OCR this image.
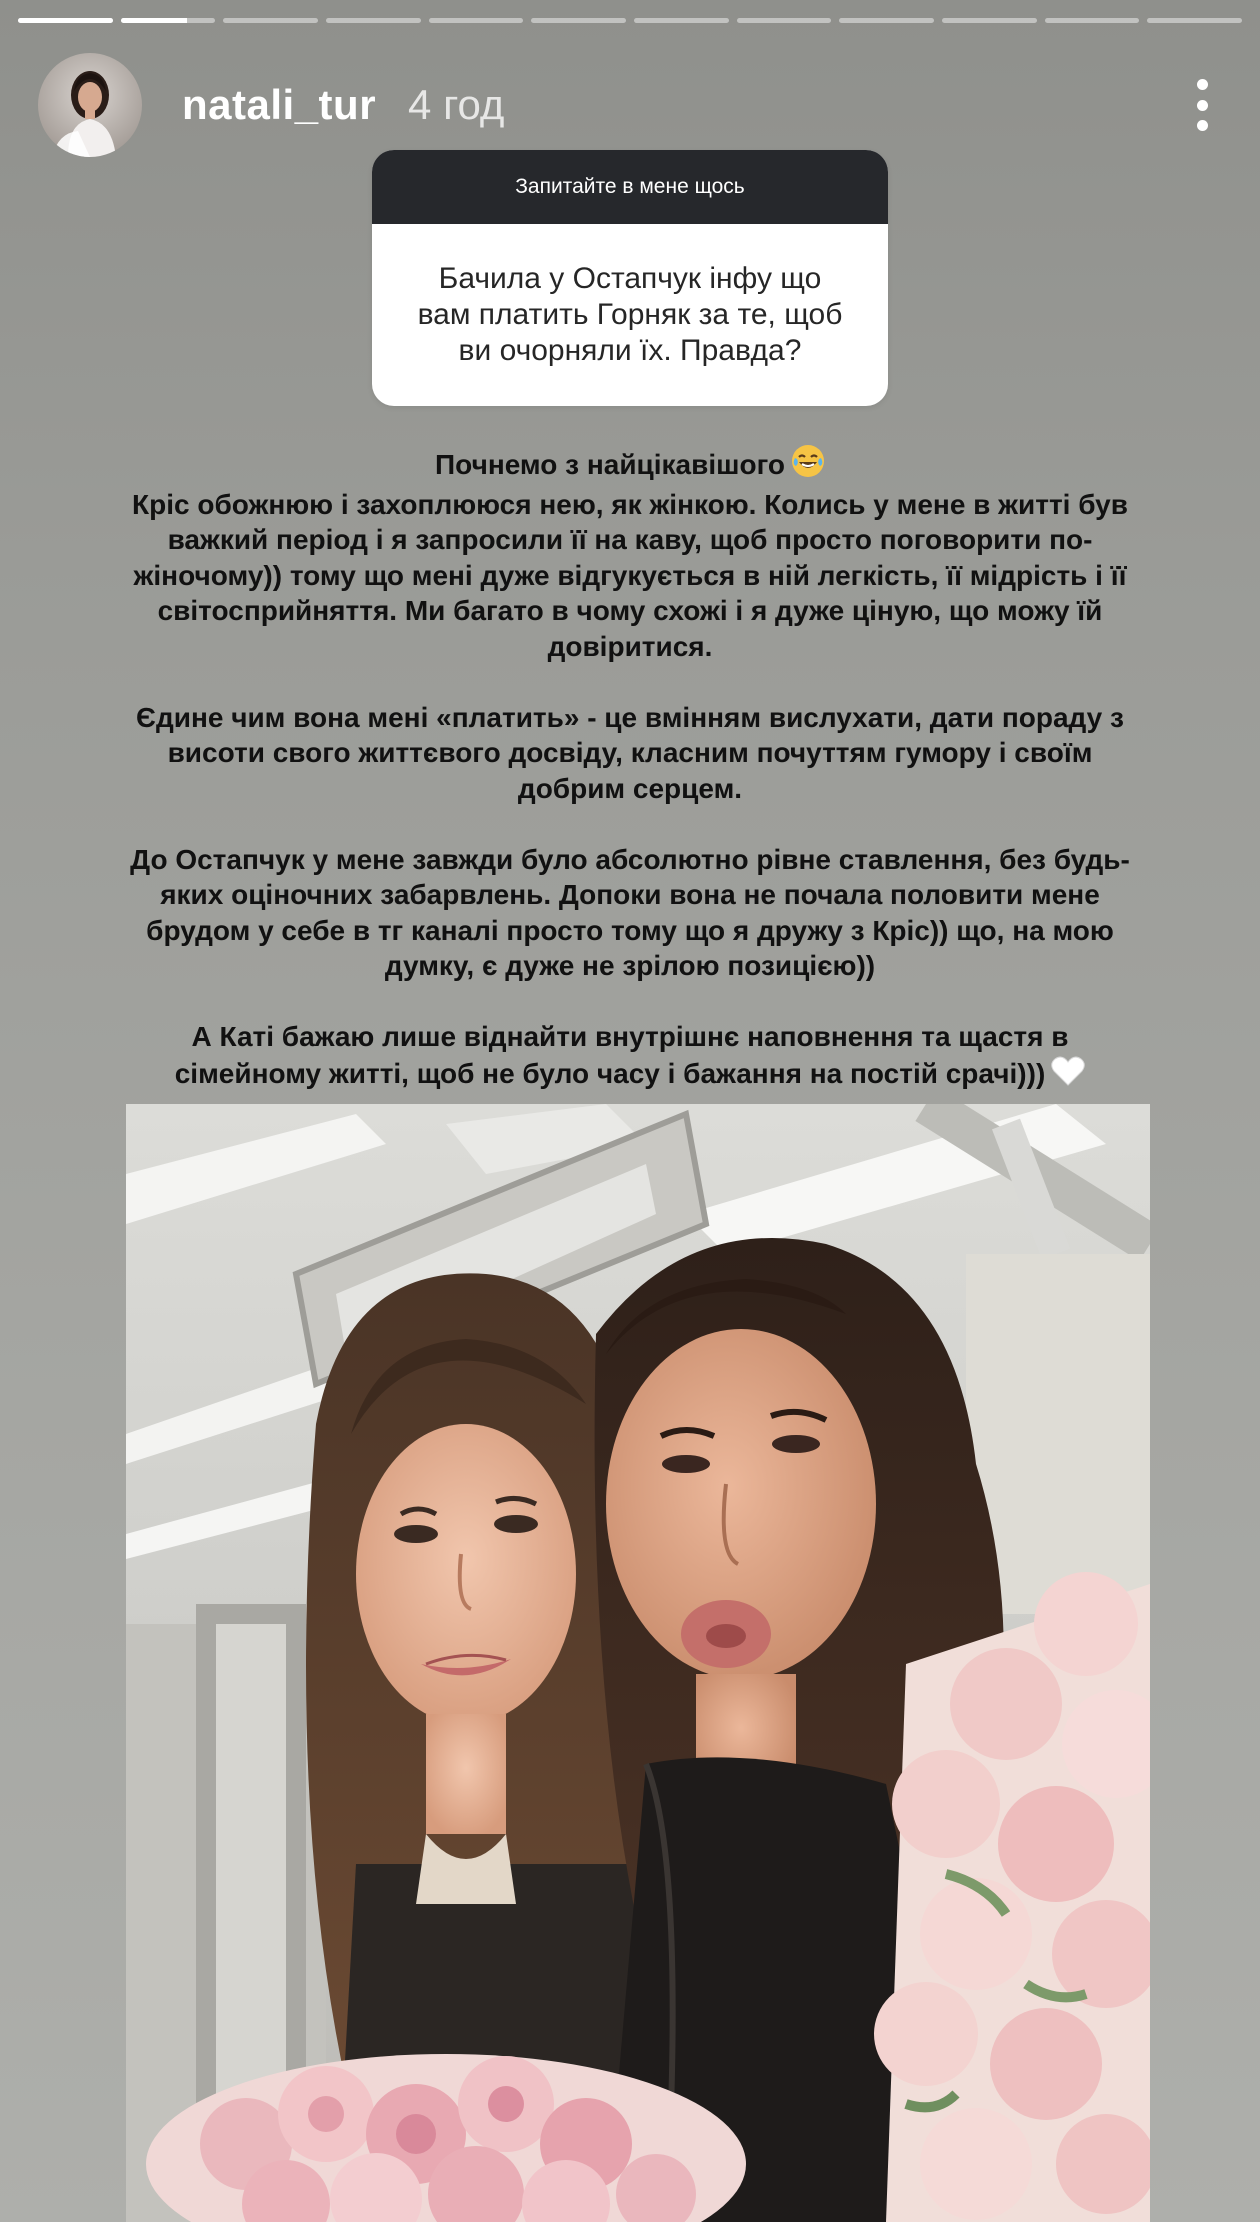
natali_tur 4 год
Запитайте в мене щось
Бачила у Остапчук інфу що вам платить Горняк за те, щоб ви очорняли їх. Правда?

Почнемо з найцікавішого
Кріс обожнюю і захоплююся нею, як жінкою. Колись у мене в житті був важкий період і я запросили її на каву, щоб просто поговорити по-жіночому)) тому що мені дуже відгукується в ній легкість, її мідрість і її світосприйняття. Ми багато в чому схожі і я дуже ціную, що можу їй довіритися.

Єдине чим вона мені «платить» - це вмінням вислухати, дати пораду з висоти свого життєвого досвіду, класним почуттям гумору і своїм добрим серцем.

До Остапчук у мене завжди було абсолютно рівне ставлення, без будь-яких оціночних забарвлень. Допоки вона не почала половити мене брудом у себе в тг каналі просто тому що я дружу з Кріс)) що, на мою думку, є дуже не зрілою позицією))

А Каті бажаю лише віднайти внутрішнє наповнення та щастя в сімейному житті, щоб не було часу і бажання на постій срачі)))
